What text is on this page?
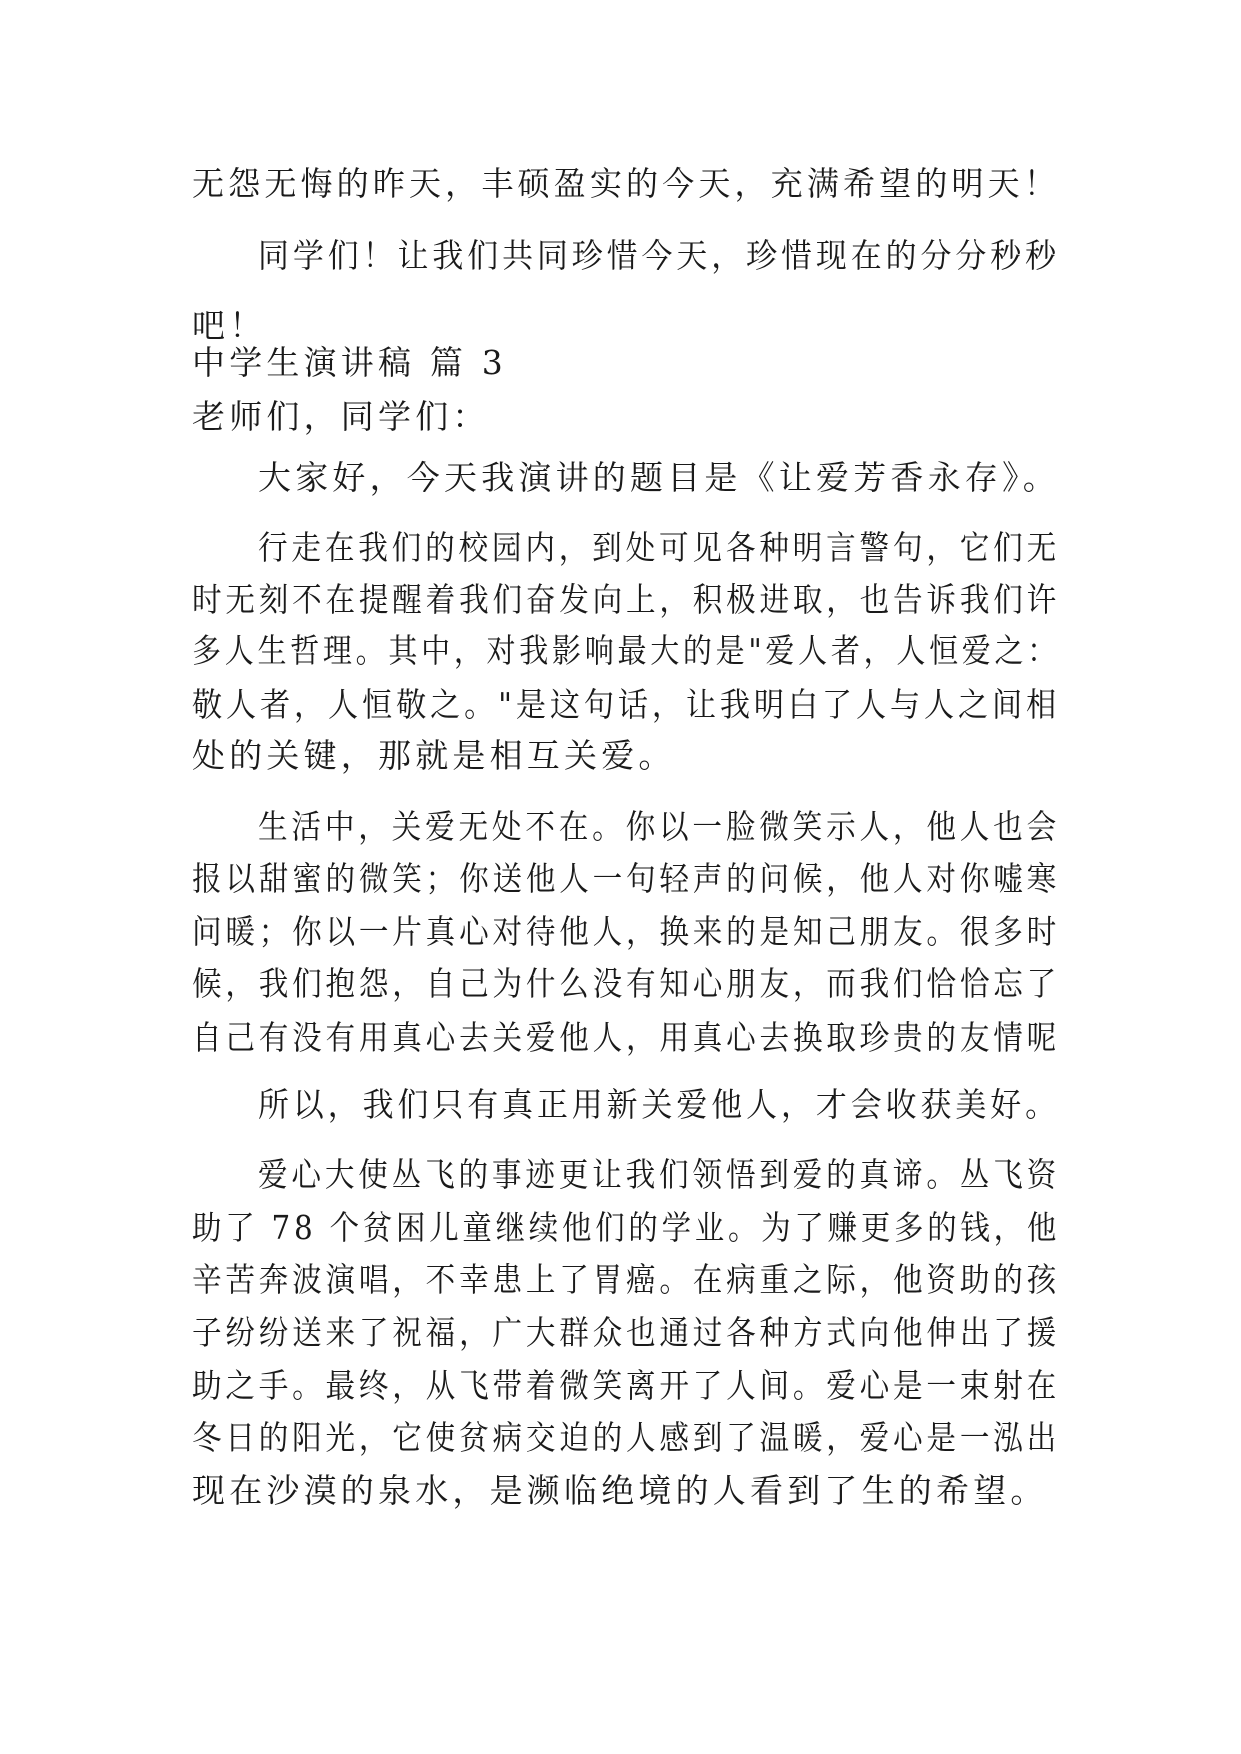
无怨无悔的昨天，丰硕盈实的今天，充满希望的明天！
同学们！让我们共同珍惜今天，珍惜现在的分分秒秒
吧！
中学生演讲稿 篇 3
老师们，同学们：
大家好，今天我演讲的题目是《让爱芳香永存》。
行走在我们的校园内，到处可见各种明言警句，它们无
时无刻不在提醒着我们奋发向上，积极进取，也告诉我们许
多人生哲理。其中，对我影响最大的是"爱人者，人恒爱之：
敬人者，人恒敬之。"是这句话，让我明白了人与人之间相
处的关键，那就是相互关爱。
生活中，关爱无处不在。你以一脸微笑示人，他人也会
报以甜蜜的微笑；你送他人一句轻声的问候，他人对你嘘寒
问暖；你以一片真心对待他人，换来的是知己朋友。很多时
候，我们抱怨，自己为什么没有知心朋友，而我们恰恰忘了
自己有没有用真心去关爱他人，用真心去换取珍贵的友情呢
所以，我们只有真正用新关爱他人，才会收获美好。
爱心大使丛飞的事迹更让我们领悟到爱的真谛。丛飞资
助了 78 个贫困儿童继续他们的学业。为了赚更多的钱，他
辛苦奔波演唱，不幸患上了胃癌。在病重之际，他资助的孩
子纷纷送来了祝福，广大群众也通过各种方式向他伸出了援
助之手。最终，从飞带着微笑离开了人间。爱心是一束射在
冬日的阳光，它使贫病交迫的人感到了温暖，爱心是一泓出
现在沙漠的泉水，是濒临绝境的人看到了生的希望。
